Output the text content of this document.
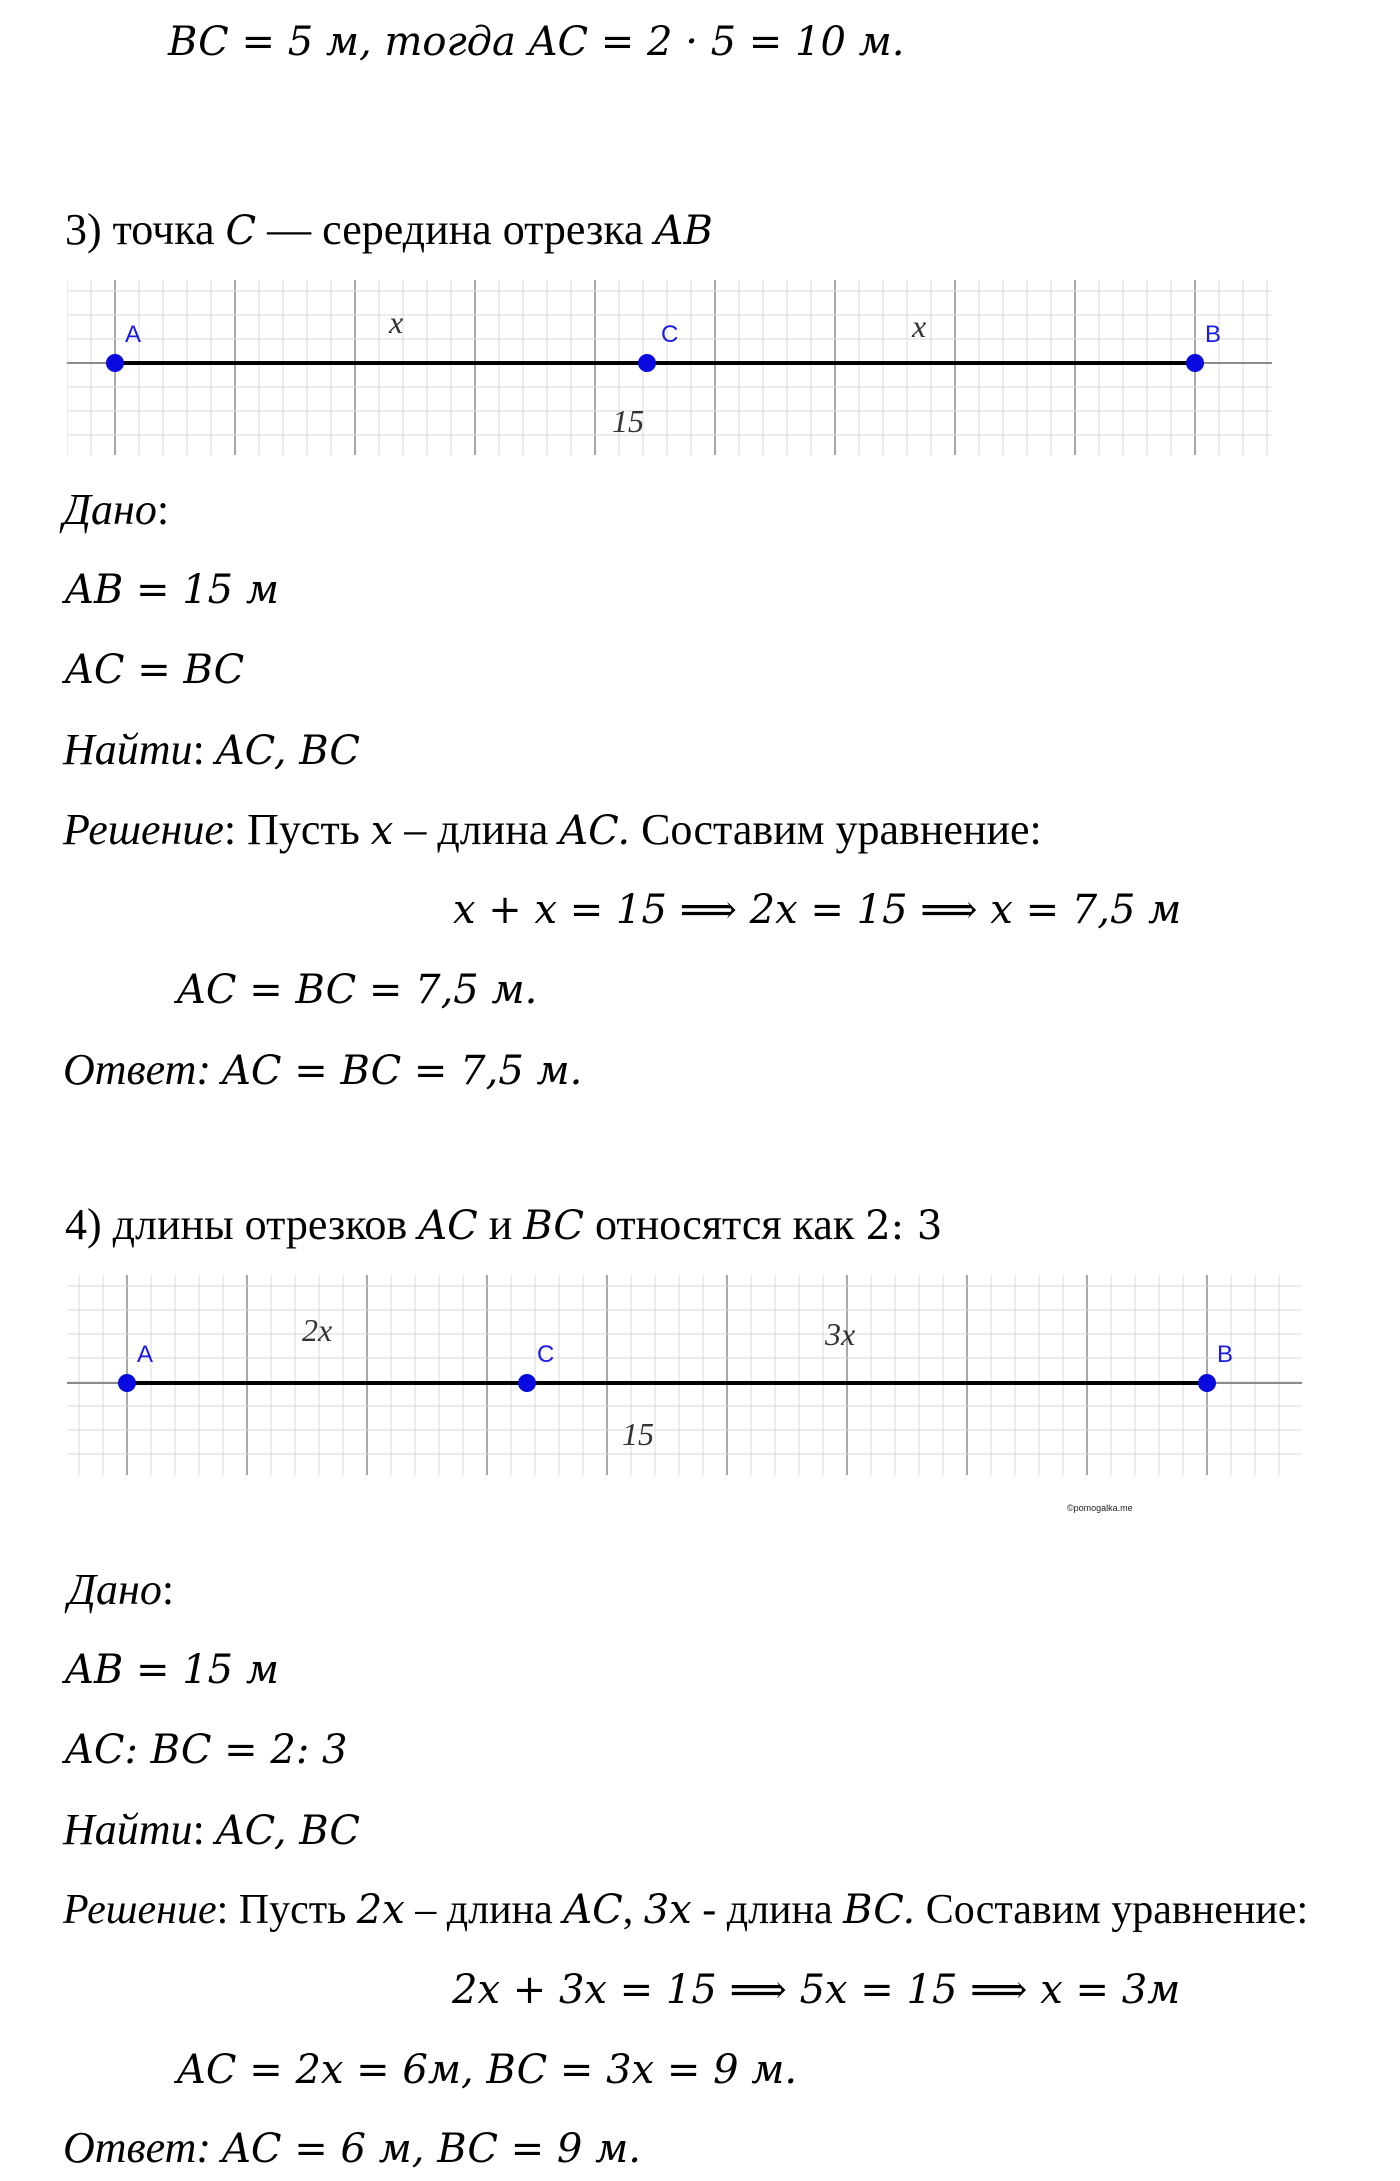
BC = 5 м, тогда AC = 2 · 5 = 10 м.
3) точка C — середина отрезка AB
A	C	B
x	x
15
Дано:
AB = 15 м
AC = BC
Найти: AC, BC
Решение: Пусть x – длина AC. Составим уравнение:
x + x = 15 ⟹ 2x = 15 ⟹ x = 7,5 м
AC = BC = 7,5 м.
Ответ: AC = BC = 7,5 м.
4) длины отрезков AC и BC относятся как 2: 3
A	C	B
2x	3x
15
©pomogalka.me
Дано:
AB = 15 м
AC: BC = 2: 3
Найти: AC, BC
Решение: Пусть 2x – длина AC, 3x - длина BC. Составим уравнение:
2x + 3x = 15 ⟹ 5x = 15 ⟹ x = 3м
AC = 2x = 6м, BC = 3x = 9 м.
Ответ: AC = 6 м, BC = 9 м.
